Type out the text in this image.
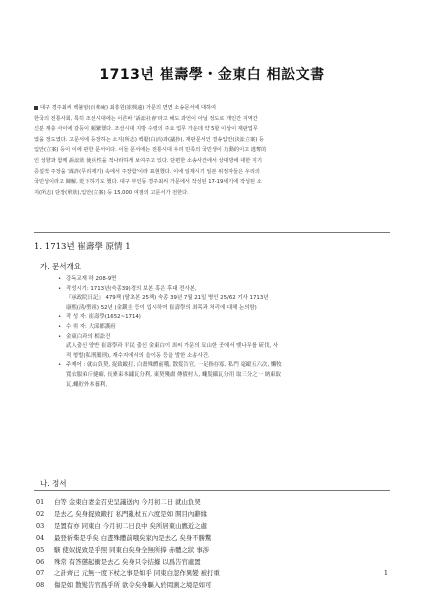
1713년 崔壽學・金東白 相訟文書

대구 경주최씨 백불암(百弗庵) 최흥원(崔興遠) 가문의 면면 소송문서에 대하여

한국의 전통사회, 특히 조선시대에는 이른바 '訴訟社會'라고 해도 과언이 아닐 정도로 개인간 지역간

신분 계층 사이에 갈등이 頻繁했다. 조선시대 지방 수령의 주요 업무 가운데 약 5할 이상이 재판업무

였을 정도였다. 고문서에 등장하는 소지(所志) 백활(白活)과(議抄), 재판문서인 결송입안(決訟立案) 등

입안(立案) 등이 이에 관한 문서이다. 이들 문서에는 전통시대 우리 민족의 국민생이 力動的이고 逃奪的

인 성향과 함께 訴訟狀 使兵性을 적나라하게 보여주고 있다. 단편한 소송사건에서 상대방에 대한 지기

증설적 주장을 '謀詐(무리재기) 속에서 주장함'이라 표현했다. 이에 일제시기 일본 위정자들은 우리의

국민성이라고 陳解, 貶下하기도 했다. 대구 부인동 경주최씨 가문에서 작성된 17-19세기에 작성된 소

지(所志) 단장(單狀),입안(立案) 등 15,000 여점의 고문서가 전한다.

1. 1713년 崔壽學 原情 1
가. 문서개요
• 강독교재 하 208-9면
• 작성시기: 1713년(숙종39)경의 보본 혹은 후대 전사본,
『承政院日記』 479책 (탈초본 25책) 숙종 39년 7월 21일 병인 25/62 기사 1713년
康熙(淸/聖祖) 52년 (金鎭圭 등이 입시하여 崔壽學의 최목과 처리에 대해 논의함)
• 작 성 자: 崔壽學(1652~1714)
• 수 취 자: 大邱都護府
• 金東白과의 相訟건
武人출신 양반 崔壽學과 平民 출신 金東白이 최씨 가문의 묘山한 곳에서 뗏나무를 斫伐, 사
적 형벌(私刑濫刑), 재수지에서의 을이동 등을 발한 소송사건.
• 주제어 : 就山負契, 捉致毆打, 白畫殊體前哦, 散髮告官, 一足指存寡, 私門 毫毆五六次, 懶牧
寬衣服弟斤撻癖, 長麥束本繡瓦分利, 東契殘肅 傳債村人, 蠅髮攝瓦分用 取三分之一 納東取
瓦,蠅貯外本養利,
나. 정서
01 白等 金東白妻金召史呈議送內 今月初二日 就山負契
02 是去乙 矣身捉致毆打 私門亂杖五六度是如 開目內辭緣
03 是置有亦 同東白 今月初二日良中 矣所居東山鷹近之處
04 最登祈柴是乎矣 白晝殊體前哦矣家內是去乙 矣身不勝驚
05 駭 使奴捉致是乎照 同東白矣身全無所捧 赤體之狀 事涉
06 殊常 有答懲起衝是去乙 矣身只令拮據 以爲告官處置
07 之計齊已 元無一度下杖之事是如乎 同東白忽作異變 被打重
08 傷是如 散髮告官爲乎所 欲令矣身驅入於罔測之境是如可
1
